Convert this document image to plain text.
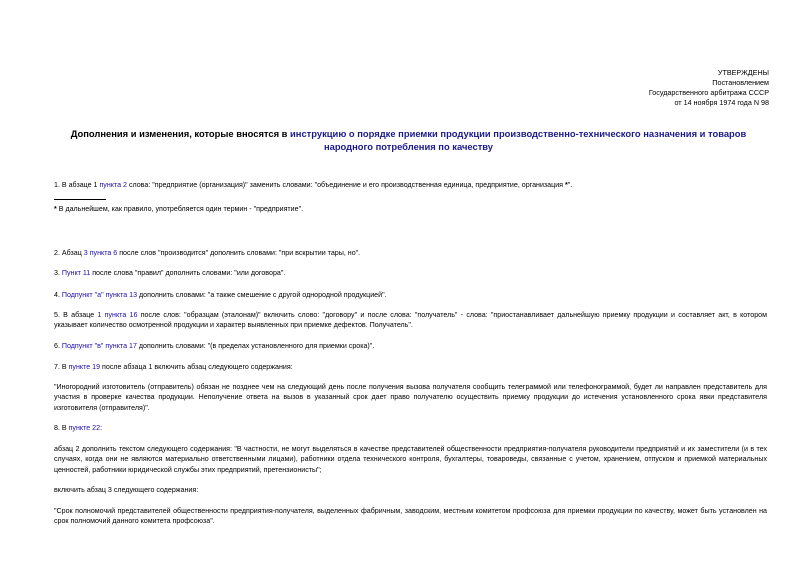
УТВЕРЖДЕНЫ
Постановлением
Государственного арбитража СССР
от 14 ноября 1974 года N 98
Дополнения и изменения, которые вносятся в инструкцию о порядке приемки продукции производственно-технического назначения и товаров народного потребления по качеству
1. В абзаце 1 пункта 2 слова: "предприятие (организация)" заменить словами: "объединение и его производственная единица, предприятие, организация *".
* В дальнейшем, как правило, употребляется один термин - "предприятие".
2. Абзац 3 пункта 6 после слов "производится" дополнить словами: "при вскрытии тары, но".
3. Пункт 11 после слова "правил" дополнить словами: "или договора".
4. Подпункт "а" пункта 13 дополнить словами: "а также смешение с другой однородной продукцией".
5. В абзаце 1 пункта 16 после слов: "образцам (эталонам)" включить слово: "договору" и после слова: "получатель" - слова: "приостанавливает дальнейшую приемку продукции и составляет акт, в котором указывает количество осмотренной продукции и характер выявленных при приемке дефектов. Получатель".
6. Подпункт "в" пункта 17 дополнить словами: "(в пределах установленного для приемки срока)".
7. В пункте 19 после абзаца 1 включить абзац следующего содержания:
"Иногородний изготовитель (отправитель) обязан не позднее чем на следующий день после получения вызова получателя сообщить телеграммой или телефонограммой, будет ли направлен представитель для участия в проверке качества продукции. Неполучение ответа на вызов в указанный срок дает право получателю осуществить приемку продукции до истечения установленного срока явки представителя изготовителя (отправителя)".
8. В пункте 22:
абзац 2 дополнить текстом следующего содержания: "В частности, не могут выделяться в качестве представителей общественности предприятия-получателя руководители предприятий и их заместители (и в тех случаях, когда они не являются материально ответственными лицами), работники отдела технического контроля, бухгалтеры, товароведы, связанные с учетом, хранением, отпуском и приемкой материальных ценностей, работники юридической службы этих предприятий, претензионисты";
включить абзац 3 следующего содержания:
"Срок полномочий представителей общественности предприятия-получателя, выделенных фабричным, заводским, местным комитетом профсоюза для приемки продукции по качеству, может быть установлен на срок полномочий данного комитета профсоюза".
